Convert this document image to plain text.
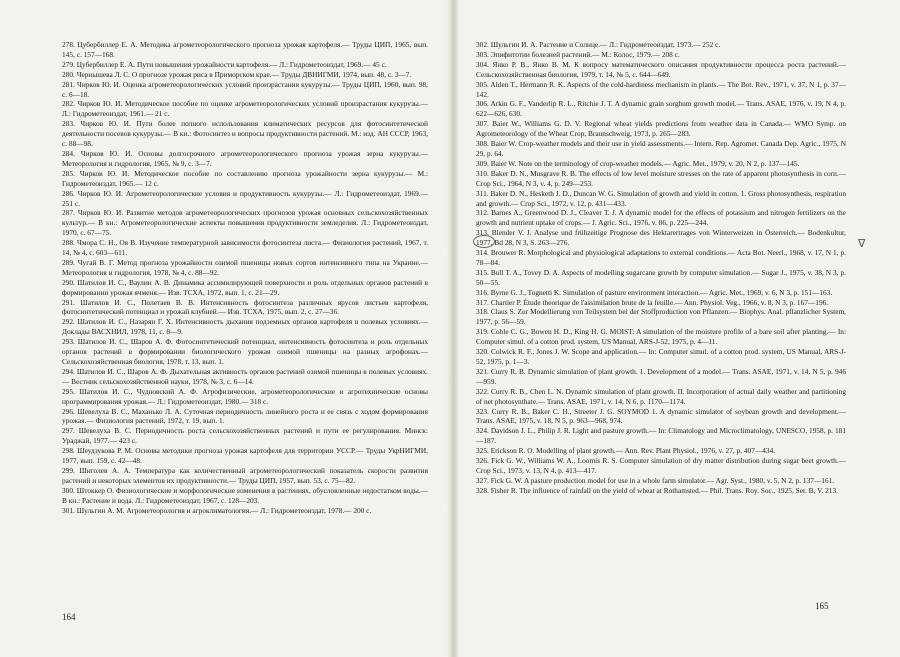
278. Цубербиллер Е. А. Методика агрометеорологического прогноза урожая картофеля.— Труды ЦИП, 1965, вып. 145, с. 157—168.

279. Цубербиллер Е. А. Пути повышения урожайности картофеля.— Л.: Гидрометеоиздат, 1969.— 45 с.

280. Чернышева Л. С. О прогнозе урожая риса в Приморском крае.— Труды ДВНИГМИ, 1974, вып. 48, с. 3—7.

281. Чирков Ю. И. Оценка агрометеорологических условий произрастания кукурузы.— Труды ЦИП, 1960, вып. 98, с. 6—18.

282. Чирков Ю. И. Методическое пособие по оценке агрометеорологических условий произрастания кукурузы.— Л.: Гидрометеоиздат, 1961.— 21 с.

283. Чирков Ю. И. Пути более полного использования климатических ресурсов для фотосинтетической деятельности посевов кукурузы.— В кн.: Фотосинтез и вопросы продуктивности растений. М.: изд. АН СССР, 1963, с. 88—98.

284. Чирков Ю. И. Основы долгосрочного агрометеорологического прогноза урожая зерна кукурузы.— Метеорология и гидрология, 1965, № 9, с. 3—7.

285. Чирков Ю. И. Методическое пособие по составлению прогноза урожайности зерна кукурузы.— М.: Гидрометеоиздат, 1965.— 12 с.

286. Чирков Ю. И. Агрометеорологические условия и продуктивность кукурузы.— Л.: Гидрометеоиздат, 1969.— 251 с.

287. Чирков Ю. И. Развитие методов агрометеорологических прогнозов урожая основных сельскохозяйственных культур.— В кн.: Агрометеорологические аспекты повышения продуктивности земледелия. Л.: Гидрометеоиздат, 1970, с. 67—75.

288. Чмора С. Н., Оя В. Изучение температурной зависимости фотосинтеза листа.— Физиология растений, 1967, т. 14, № 4, с. 603—611.

289. Чугай В. Г. Метод прогноза урожайности озимой пшеницы новых сортов интенсивного типа на Украине.— Метеорология и гидрология, 1978, № 4, с. 88—92.

290. Шатилов И. С., Ваулин А. В. Динамика ассимилирующей поверхности и роль отдельных органов растений в формировании урожая ячменя.— Изв. ТСХА, 1972, вып. 1, с. 21—29.

291. Шатилов И. С., Полетаев В. В. Интенсивность фотосинтеза различных ярусов листьев картофеля, фотосинтетический потенциал и урожай клубней.— Изв. ТСХА, 1975, вып. 2, с. 27—36.

292. Шатилов И. С., Назарян Г. Х. Интенсивность дыхания подземных органов картофеля в полевых условиях.— Доклады ВАСХНИЛ, 1978, 11, с. 8—9.

293. Шатилов И. С., Шаров А. Ф. Фотосинтетический потенциал, интенсивность фотосинтеза и роль отдельных органов растений в формировании биологического урожая озимой пшеницы на разных агрофонах.— Сельскохозяйственная биология, 1978, т. 13, вып. 1.

294. Шатилов И. С., Шаров А. Ф. Дыхательная активность органов растений озимой пшеницы в полевых условиях.— Вестник сельскохозяйственной науки, 1978, № 3, с. 6—14.

295. Шатилов И. С., Чудновский А. Ф. Агрофизические, агрометеорологические и агротехнические основы программирования урожая.— Л.: Гидрометеоиздат, 1980.— 318 с.

296. Шевелуха В. С., Маханько Л. А. Суточная периодичность линейного роста и ее связь с ходом формирования урожая.— Физиология растений, 1972, т. 19, вып. 1.

297. Шевелуха В. С. Периодичность роста сельскохозяйственных растений и пути ее регулирования. Минск: Ураджай, 1977.— 423 с.

298. Шеудзукова Р. М. Основы методики прогноза урожая картофеля для территории УССР.— Труды УкрНИГМИ, 1977, вып. 159, с. 42—48.

299. Шиголев А. А. Температура как количественный агрометеорологический показатель скорости развития растений и некоторых элементов их продуктивности.— Труды ЦИП, 1957, вып. 53, с. 75—82.

300. Штоккер О. Физиологические и морфологические изменения в растениях, обусловленные недостатком воды.— В кн.: Растение и вода. Л.: Гидрометеоиздат, 1967, с. 128—203.

301. Шульгин А. М. Агрометеорология и агроклиматология.— Л.: Гидрометеоиздат, 1978.— 200 с.

302. Шульгин И. А. Растение и Солнце.— Л.: Гидрометеоиздат, 1973.— 252 с.

303. Эпифитотии болезней растений.— М.: Колос, 1979.— 208 с.

304. Янко Р. В., Янко В. М. К вопросу математического описания продуктивности процесса роста растений.— Сельскохозяйственная биология, 1979, т. 14, № 5, с. 644—649.

305. Alden T., Hermann R. K. Aspects of the cold-hardiness mechanism in plants.— The Bot. Rev., 1971, v. 37, N 1, p. 37—142.

306. Arkin G. F., Vanderlip R. L., Ritchie J. T. A dynamic grain sorghum growth model.— Trans. ASAE, 1976, v. 19, N 4, p. 622—626, 630.

307. Baier W., Williams G. D. V. Regional wheat yields predictions from weather data in Canada.— WMO Symp. on Agrometeorology of the Wheat Crop, Braunschweig, 1973, p. 265—283.

308. Baier W. Crop-weather models and their use in yield assessments.— Intern. Rep. Agromet. Canada Dep. Agric., 1975, N 29, p. 64.

309. Baier W. Note on the terminology of crop-weather models.— Agric. Met., 1979, v. 20, N 2, p. 137—145.

310. Baker D. N., Musgrave R. B. The effects of low level moisture stresses on the rate of apparent photosynthesis in corn.— Crop Sci., 1964, N 3, v. 4, p. 249—253.

311. Baker D. N., Hesketh J. D., Duncan W. G. Simulation of growth and yield in cotton. 1. Gross photosynthesis, respiration and growth.— Crop Sci., 1972, v. 12, p. 431—433.

312. Barnes A., Greenwood D. J., Cleaver T. J. A dynamic model for the effects of potassium and nitrogen fertilizers on the growth and nutrient uptake of crops.— J. Agric. Sci., 1976, v. 86, p. 225—244.

313. Blender V. J. Analyse und frühzeitige Prognose des Hektarertrages von Winterweizen in Österreich.— Bodenkultur, 1977, Bd 28, N 3, S. 263—276.

314. Brouwer R. Morphological and physiological adaptations to external conditions.— Acta Bot. Neerl., 1968, v. 17, N 1, p. 78—84.

315. Bull T. A., Tovey D. A. Aspects of modelling sugarcane growth by computer simulation.— Sugar J., 1975, v. 38, N 3, p. 50—55.

316. Byrne G. J., Tognetti K. Simulation of pasture environment interaction.— Agric. Met., 1969, v. 6, N 3, p. 151—163.

317. Chartier P. Étude theorique de l'assimilation brute de la feuille.— Ann. Physiol. Veg., 1966, v. 8, N 3, p. 167—196.

318. Claus S. Zur Modellierung von Teilsystem bei der Stoffproduction von Pflanzen.— Biophys. Anal. pflanzlicher System, 1977, p. 56—59.

319. Coble C. G., Bowen H. D., King H. G. MOIST: A simulation of the moisture profile of a bare soil after planting.— In: Computer simul. of a cotton prod. system, US Manual, ARS-J-52, 1975, p. 4—11.

320. Colwick R. F., Jones J. W. Scope and application.— In: Computer simul. of a cotton prod. system, US Manual, ARS-J-52, 1975, p. 1—3.

321. Curry R. B. Dynamic simulation of plant growth. 1. Development of a model.— Trans. ASAE, 1971, v. 14, N 5, p. 946—959.

322. Curry R. B., Chen L. N. Dynamic simulation of plant growth. II. Incorporation of actual daily weather and partitioning of net photosynthate.— Trans. ASAE, 1971, v. 14, N 6, p. 1170—1174.

323. Curry R. B., Baker C. H., Streeter J. G. SOYMOD 1. A dynamic simulator of soybean growth and development.— Trans. ASAE, 1975, v. 18, N 5, p. 963—968, 974.

324. Davidson J. L., Philip J. R. Light and pasture growth.— In: Climatology and Microclimatology, UNESCO, 1958, p. 181—187.

325. Erickson R. O. Modelling of plant growth.— Ann. Rev. Plant Physiol., 1976, v. 27, p. 407—434.

326. Fick G. W., Williams W. A., Loomis R. S. Computer simulation of dry matter distribution during sugar beet growth.— Crop Sci., 1973, v. 13, N 4, p. 413—417.

327. Fick G. W. A pasture production model for use in a whole farm simulator.— Agr. Syst., 1980, v. 5, N 2, p. 137—161.

328. Fisher R. The influence of rainfall on the yield of wheat at Rothamsted.— Phil. Trans. Roy. Soc., 1925, Ser. B, V. 213.

∇
164
165
